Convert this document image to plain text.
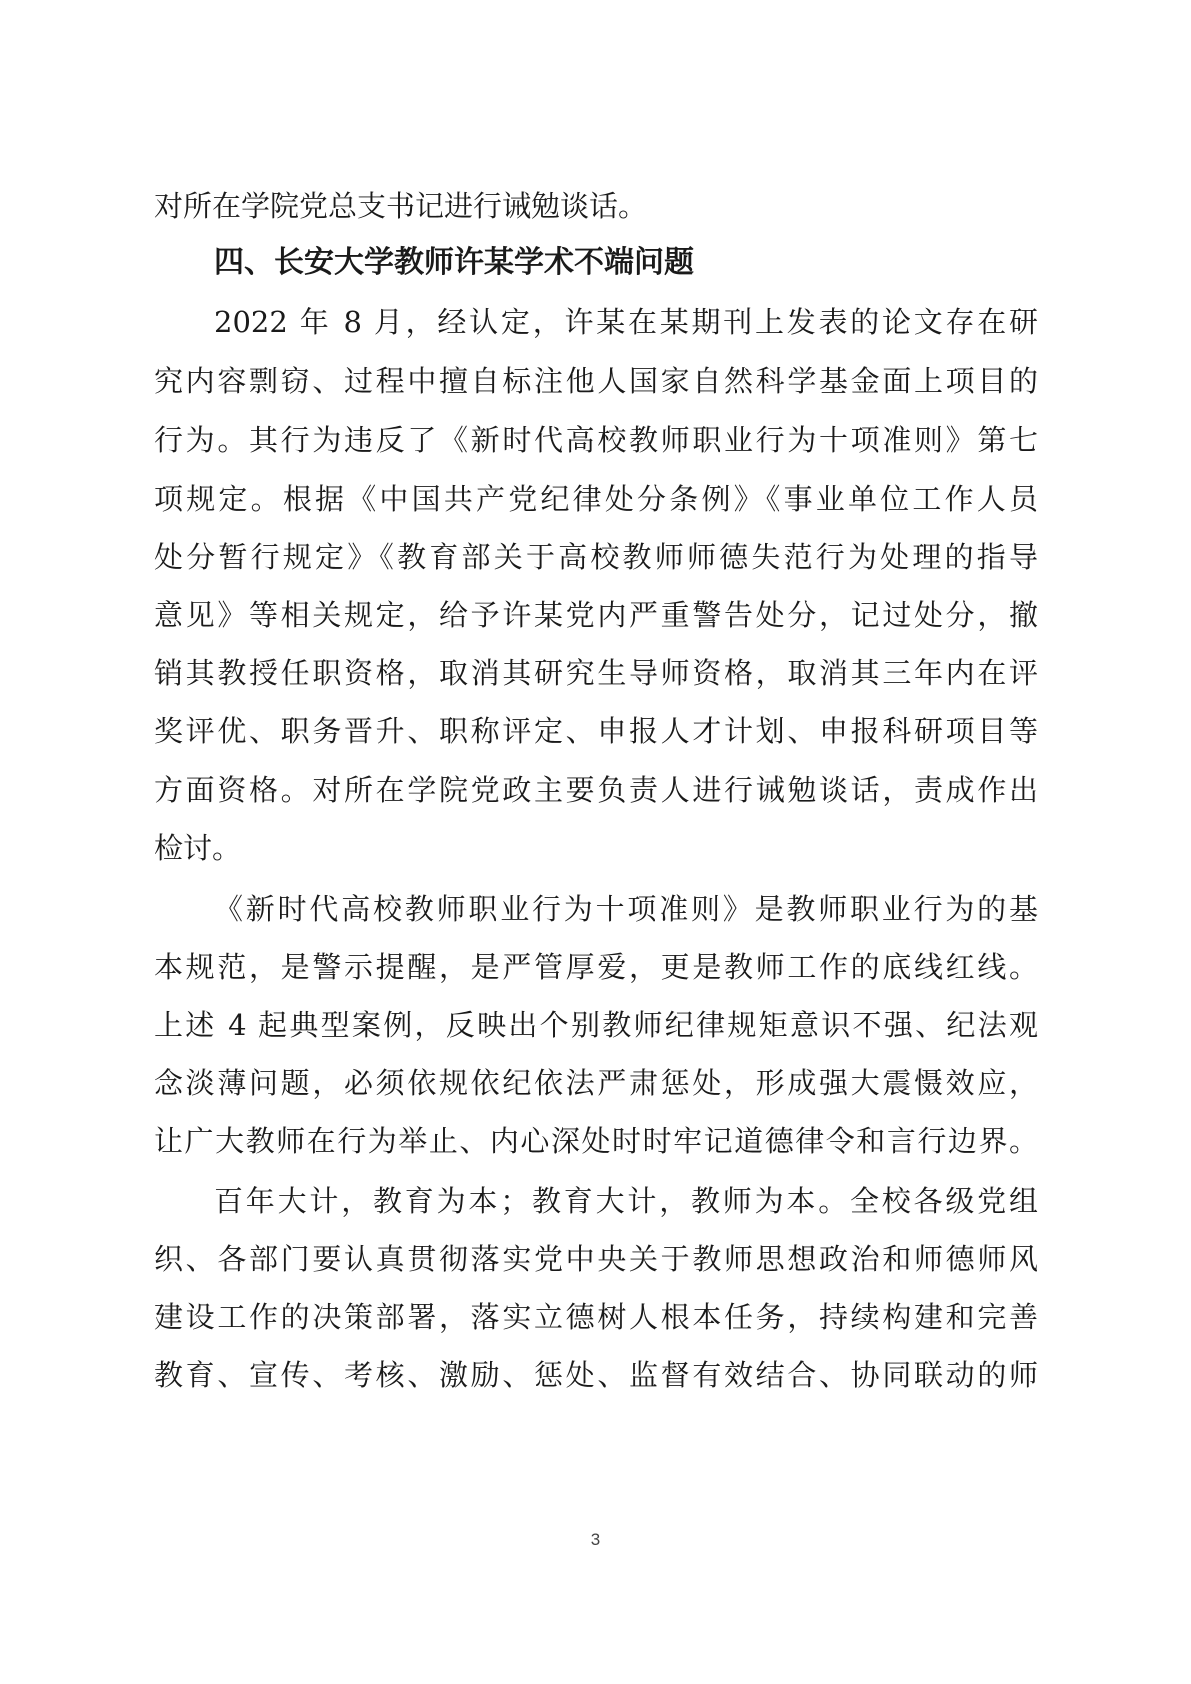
对所在学院党总支书记进行诫勉谈话。
四、长安大学教师许某学术不端问题
2022 年 8 月，经认定，许某在某期刊上发表的论文存在研
究内容剽窃、过程中擅自标注他人国家自然科学基金面上项目的
行为。其行为违反了《新时代高校教师职业行为十项准则》第七
项规定。根据《中国共产党纪律处分条例》《事业单位工作人员
处分暂行规定》《教育部关于高校教师师德失范行为处理的指导
意见》等相关规定，给予许某党内严重警告处分，记过处分，撤
销其教授任职资格，取消其研究生导师资格，取消其三年内在评
奖评优、职务晋升、职称评定、申报人才计划、申报科研项目等
方面资格。对所在学院党政主要负责人进行诫勉谈话，责成作出
检讨。
《新时代高校教师职业行为十项准则》是教师职业行为的基
本规范，是警示提醒，是严管厚爱，更是教师工作的底线红线。
上述 4 起典型案例，反映出个别教师纪律规矩意识不强、纪法观
念淡薄问题，必须依规依纪依法严肃惩处，形成强大震慑效应，
让广大教师在行为举止、内心深处时时牢记道德律令和言行边界。
百年大计，教育为本；教育大计，教师为本。全校各级党组
织、各部门要认真贯彻落实党中央关于教师思想政治和师德师风
建设工作的决策部署，落实立德树人根本任务，持续构建和完善
教育、宣传、考核、激励、惩处、监督有效结合、协同联动的师
3
